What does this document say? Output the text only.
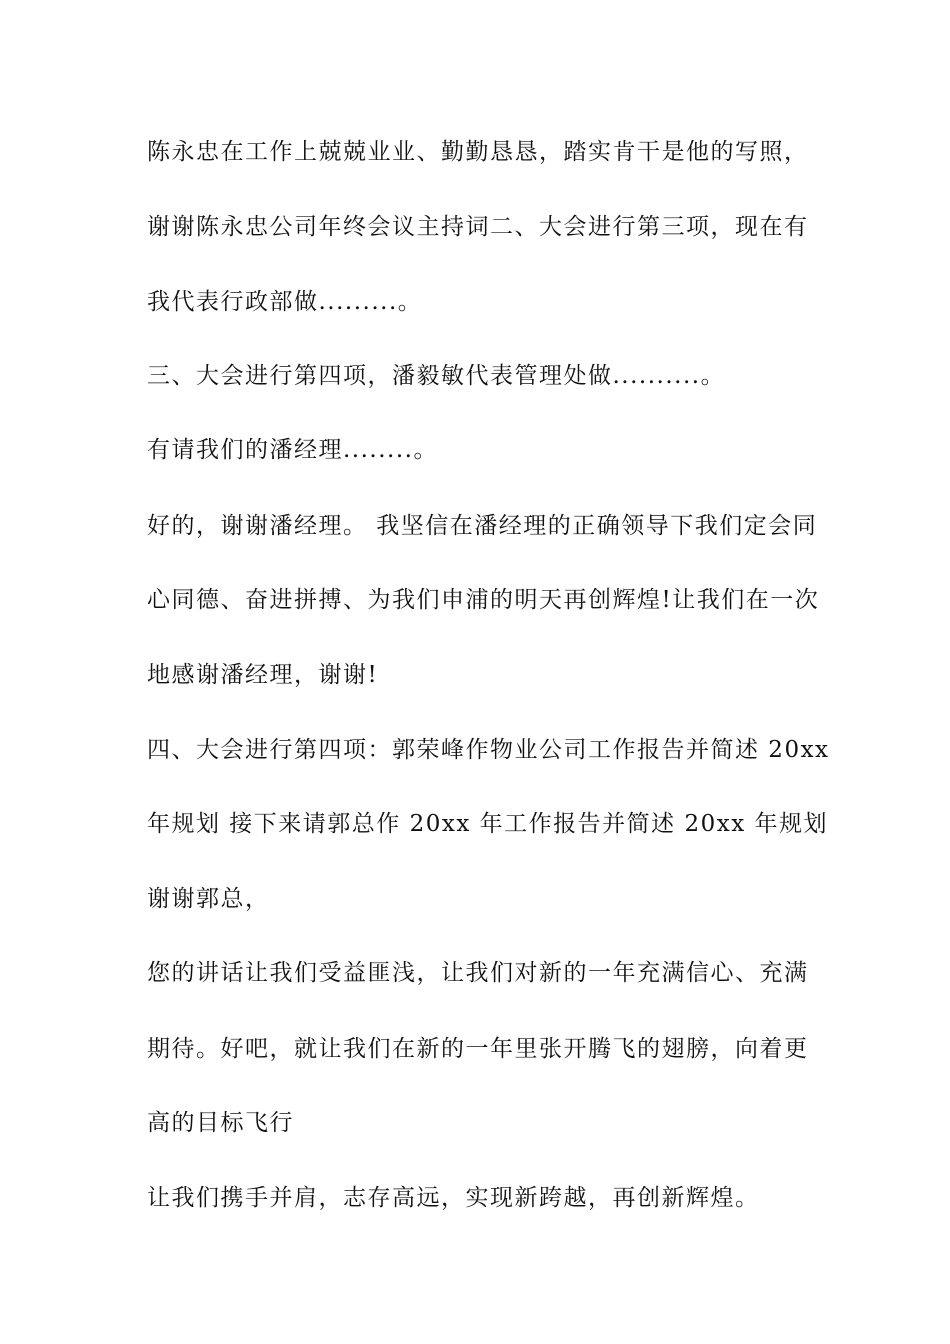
陈永忠在工作上兢兢业业、勤勤恳恳，踏实肯干是他的写照，
谢谢陈永忠公司年终会议主持词二、大会进行第三项，现在有
我代表行政部做.........。
三、大会进行第四项，潘毅敏代表管理处做..........。
有请我们的潘经理........。
好的，谢谢潘经理。 我坚信在潘经理的正确领导下我们定会同
心同德、奋进拼搏、为我们申浦的明天再创辉煌!让我们在一次
地感谢潘经理，谢谢!
四、大会进行第四项：郭荣峰作物业公司工作报告并简述 20xx
年规划 接下来请郭总作 20xx 年工作报告并简述 20xx 年规划
谢谢郭总，
您的讲话让我们受益匪浅，让我们对新的一年充满信心、充满
期待。好吧，就让我们在新的一年里张开腾飞的翅膀，向着更
高的目标飞行
让我们携手并肩，志存高远，实现新跨越，再创新辉煌。
